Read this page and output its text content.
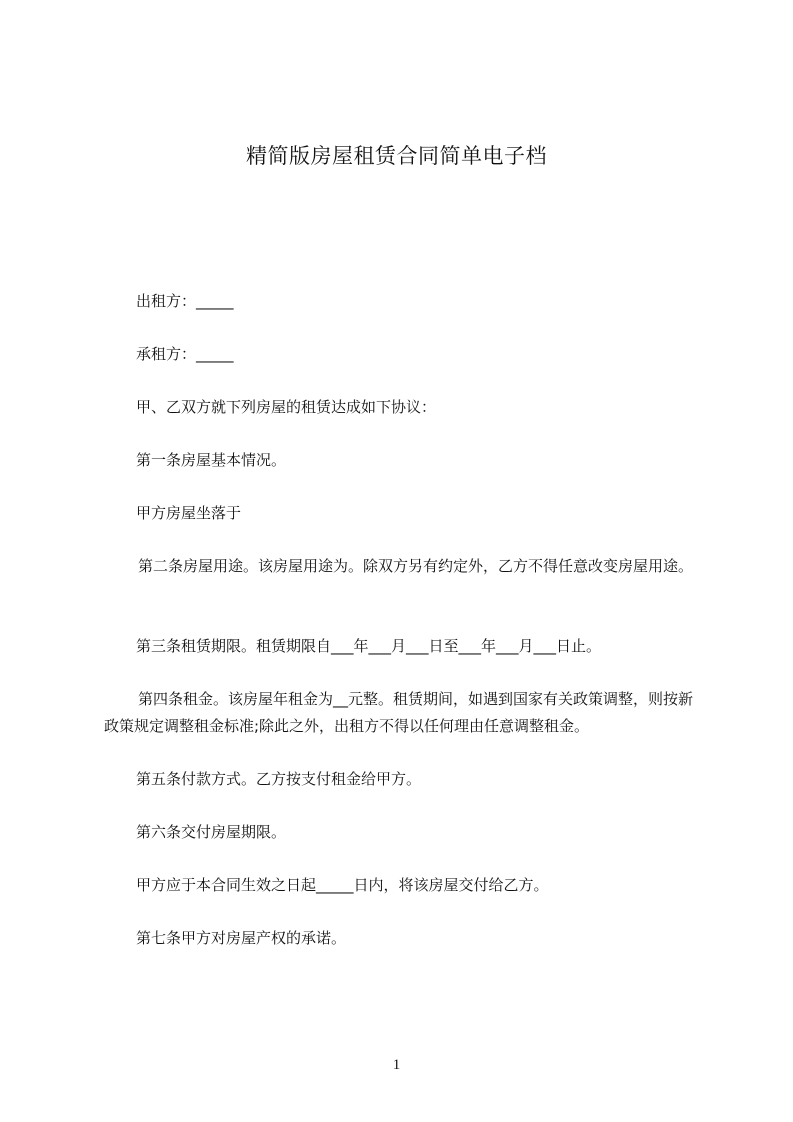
精简版房屋租赁合同简单电子档
出租方：_____
承租方：_____
甲、乙双方就下列房屋的租赁达成如下协议：
第一条房屋基本情况。
甲方房屋坐落于
第二条房屋用途。该房屋用途为。除双方另有约定外，乙方不得任意改变房屋用途。
第三条租赁期限。租赁期限自___年___月___日至___年___月___日止。
第四条租金。该房屋年租金为__元整。租赁期间，如遇到国家有关政策调整，则按新政策规定调整租金标准;除此之外，出租方不得以任何理由任意调整租金。
第五条付款方式。乙方按支付租金给甲方。
第六条交付房屋期限。
甲方应于本合同生效之日起_____日内，将该房屋交付给乙方。
第七条甲方对房屋产权的承诺。
1
